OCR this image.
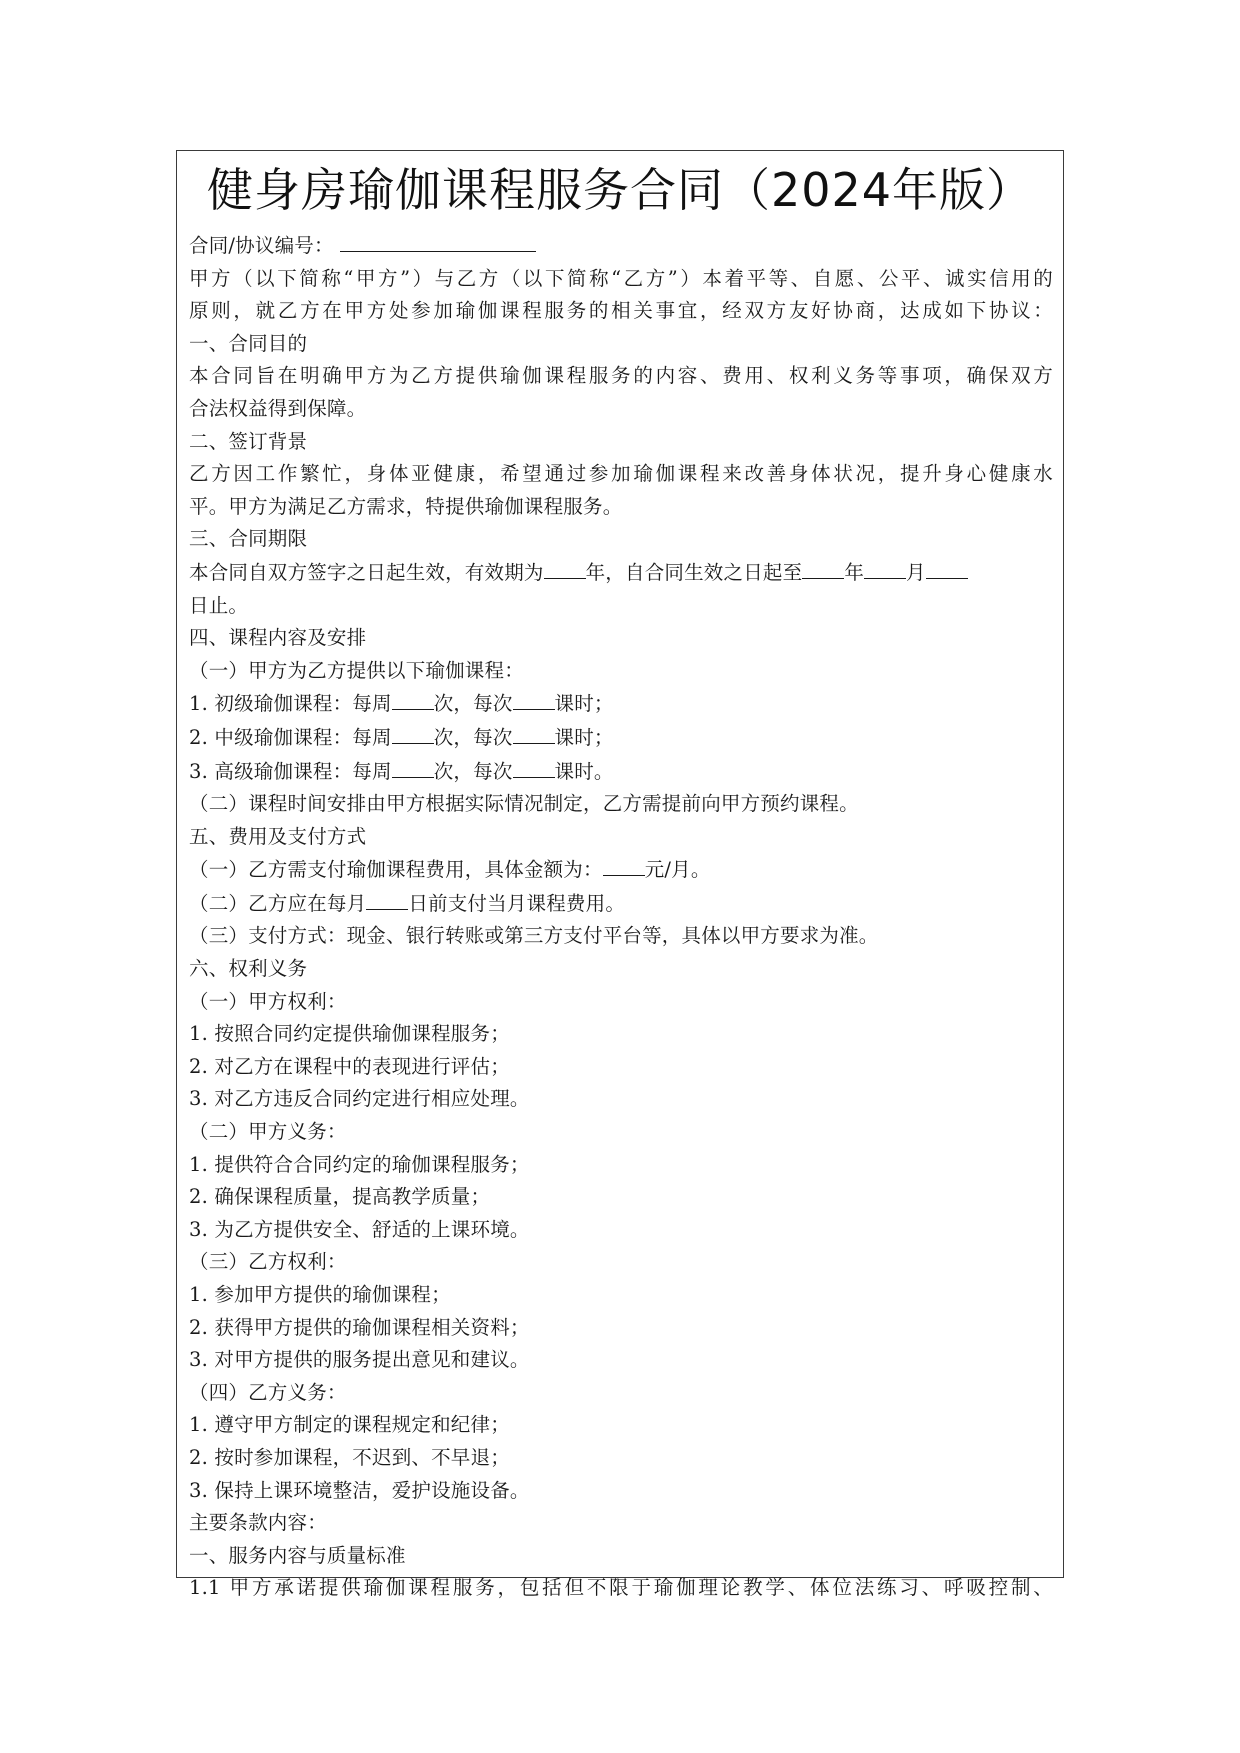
健身房瑜伽课程服务合同（2024年版）
合同/协议编号：
甲方（以下简称“甲方”）与乙方（以下简称“乙方”）本着平等、自愿、公平、诚实信用的
原则，就乙方在甲方处参加瑜伽课程服务的相关事宜，经双方友好协商，达成如下协议：
一、合同目的
本合同旨在明确甲方为乙方提供瑜伽课程服务的内容、费用、权利义务等事项，确保双方
合法权益得到保障。
二、签订背景
乙方因工作繁忙，身体亚健康，希望通过参加瑜伽课程来改善身体状况，提升身心健康水
平。甲方为满足乙方需求，特提供瑜伽课程服务。
三、合同期限
本合同自双方签字之日起生效，有效期为 年，自合同生效之日起至 年 月
日止。
四、课程内容及安排
（一）甲方为乙方提供以下瑜伽课程：
1. 初级瑜伽课程：每周 次，每次 课时；
2. 中级瑜伽课程：每周 次，每次 课时；
3. 高级瑜伽课程：每周 次，每次 课时。
（二）课程时间安排由甲方根据实际情况制定，乙方需提前向甲方预约课程。
五、费用及支付方式
（一）乙方需支付瑜伽课程费用，具体金额为： 元/月。
（二）乙方应在每月 日前支付当月课程费用。
（三）支付方式：现金、银行转账或第三方支付平台等，具体以甲方要求为准。
六、权利义务
（一）甲方权利：
1. 按照合同约定提供瑜伽课程服务；
2. 对乙方在课程中的表现进行评估；
3. 对乙方违反合同约定进行相应处理。
（二）甲方义务：
1. 提供符合合同约定的瑜伽课程服务；
2. 确保课程质量，提高教学质量；
3. 为乙方提供安全、舒适的上课环境。
（三）乙方权利：
1. 参加甲方提供的瑜伽课程；
2. 获得甲方提供的瑜伽课程相关资料；
3. 对甲方提供的服务提出意见和建议。
（四）乙方义务：
1. 遵守甲方制定的课程规定和纪律；
2. 按时参加课程，不迟到、不早退；
3. 保持上课环境整洁，爱护设施设备。
主要条款内容：
一、服务内容与质量标准
1.1 甲方承诺提供瑜伽课程服务，包括但不限于瑜伽理论教学、体位法练习、呼吸控制、
